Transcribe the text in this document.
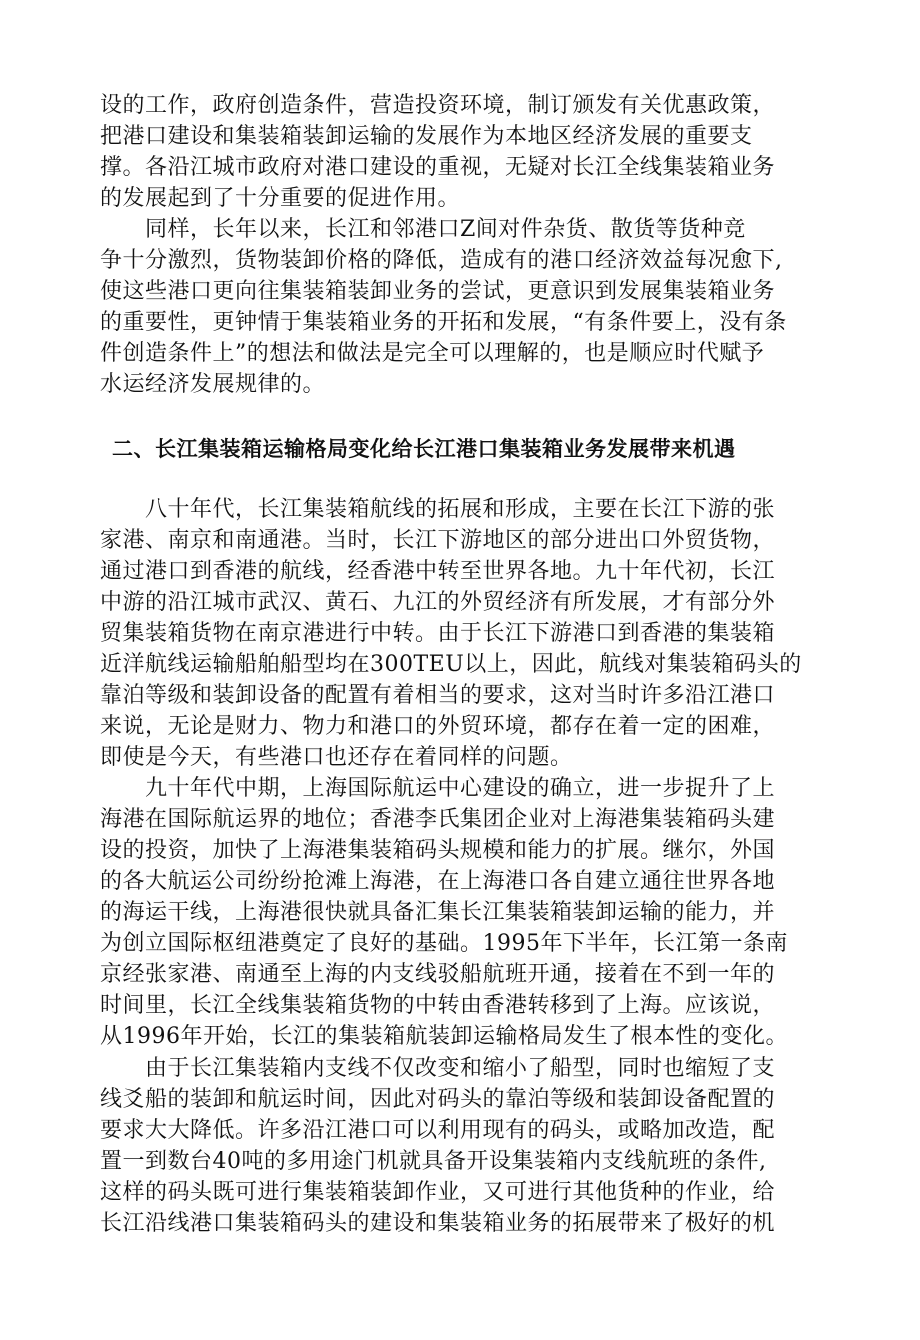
设的工作，政府创造条件，营造投资环境，制订颁发有关优惠政策，
把港口建设和集装箱装卸运输的发展作为本地区经济发展的重要支
撑。各沿江城市政府对港口建设的重视，无疑对长江全线集装箱业务
的发展起到了十分重要的促进作用。
　　同样，长年以来，长江和邻港口Z间对件杂货、散货等货种竞
争十分激烈，货物装卸价格的降低，造成有的港口经济效益每况愈下,
使这些港口更向往集装箱装卸业务的尝试，更意识到发展集装箱业务
的重要性，更钟情于集装箱业务的开拓和发展，“有条件要上，没有条
件创造条件上”的想法和做法是完全可以理解的，也是顺应时代赋予
水运经济发展规律的。
二、长江集装箱运输格局变化给长江港口集装箱业务发展带来机遇
　　八十年代，长江集装箱航线的拓展和形成，主要在长江下游的张
家港、南京和南通港。当时，长江下游地区的部分进出口外贸货物，
通过港口到香港的航线，经香港中转至世界各地。九十年代初，长江
中游的沿江城市武汉、黄石、九江的外贸经济有所发展，才有部分外
贸集装箱货物在南京港进行中转。由于长江下游港口到香港的集装箱
近洋航线运输船舶船型均在300TEU以上，因此，航线对集装箱码头的
靠泊等级和装卸设备的配置有着相当的要求，这对当时许多沿江港口
来说，无论是财力、物力和港口的外贸环境，都存在着一定的困难，
即使是今天，有些港口也还存在着同样的问题。
　　九十年代中期，上海国际航运中心建设的确立，进一步捉升了上
海港在国际航运界的地位；香港李氏集团企业对上海港集装箱码头建
设的投资，加快了上海港集装箱码头规模和能力的扩展。继尔，外国
的各大航运公司纷纷抢滩上海港，在上海港口各自建立通往世界各地
的海运干线，上海港很快就具备汇集长江集装箱装卸运输的能力，并
为创立国际枢纽港奠定了良好的基础。1995年下半年，长江第一条南
京经张家港、南通至上海的内支线驳船航班开通，接着在不到一年的
时间里，长江全线集装箱货物的中转由香港转移到了上海。应该说，
从1996年开始，长江的集装箱航装卸运输格局发生了根本性的变化。
　　由于长江集装箱内支线不仅改变和缩小了船型，同时也缩短了支
线爻船的装卸和航运时间，因此对码头的靠泊等级和装卸设备配置的
要求大大降低。许多沿江港口可以利用现有的码头，或略加改造，配
置一到数台40吨的多用途门机就具备开设集装箱内支线航班的条件,
这样的码头既可进行集装箱装卸作业，又可进行其他货种的作业，给
长江沿线港口集装箱码头的建设和集装箱业务的拓展带来了极好的机
